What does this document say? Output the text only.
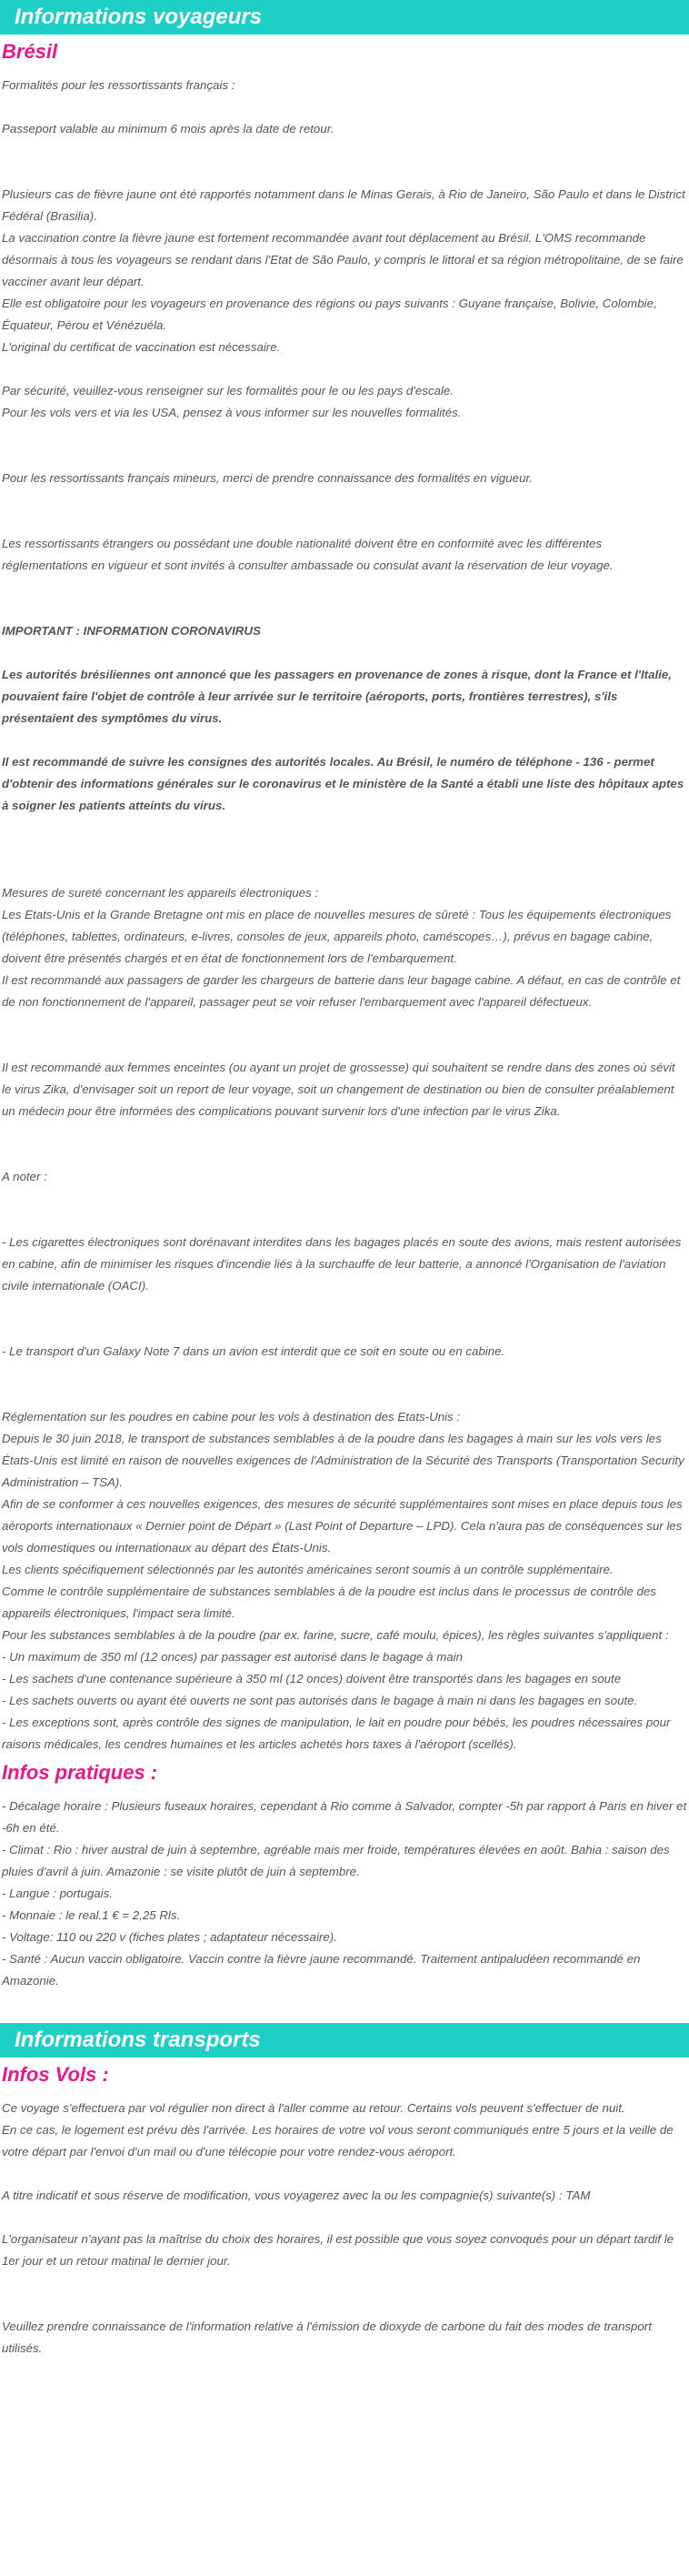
Informations voyageurs
Brésil

Formalités pour les ressortissants français :

Passeport valable au minimum 6 mois après la date de retour.

Plusieurs cas de fièvre jaune ont été rapportés notamment dans le Minas Gerais, à Rio de Janeiro, São Paulo et dans le District Fédéral (Brasilia).

La vaccination contre la fièvre jaune est fortement recommandée avant tout déplacement au Brésil. L'OMS recommande désormais à tous les voyageurs se rendant dans l'Etat de São Paulo, y compris le littoral et sa région métropolitaine, de se faire vacciner avant leur départ.

Elle est obligatoire pour les voyageurs en provenance des régions ou pays suivants : Guyane française, Bolivie, Colombie, Équateur, Pérou et Vénézuéla.

L'original du certificat de vaccination est nécessaire.

Par sécurité, veuillez-vous renseigner sur les formalités pour le ou les pays d'escale.

Pour les vols vers et via les USA, pensez à vous informer sur les nouvelles formalités.

Pour les ressortissants français mineurs, merci de prendre connaissance des formalités en vigueur.

Les ressortissants étrangers ou possédant une double nationalité doivent être en conformité avec les différentes réglementations en vigueur et sont invités à consulter ambassade ou consulat avant la réservation de leur voyage.

IMPORTANT : INFORMATION CORONAVIRUS

Les autorités brésiliennes ont annoncé que les passagers en provenance de zones à risque, dont la France et l'Italie, pouvaient faire l'objet de contrôle à leur arrivée sur le territoire (aéroports, ports, frontières terrestres), s'ils présentaient des symptômes du virus.

Il est recommandé de suivre les consignes des autorités locales. Au Brésil, le numéro de téléphone - 136 - permet d'obtenir des informations générales sur le coronavirus et le ministère de la Santé a établi une liste des hôpitaux aptes à soigner les patients atteints du virus.

Mesures de sureté concernant les appareils électroniques :

Les Etats-Unis et la Grande Bretagne ont mis en place de nouvelles mesures de sûreté : Tous les équipements électroniques (téléphones, tablettes, ordinateurs, e-livres, consoles de jeux, appareils photo, caméscopes…), prévus en bagage cabine, doivent être présentés chargés et en état de fonctionnement lors de l'embarquement.

Il est recommandé aux passagers de garder les chargeurs de batterie dans leur bagage cabine. A défaut, en cas de contrôle et de non fonctionnement de l'appareil, passager peut se voir refuser l'embarquement avec l'appareil défectueux.

Il est recommandé aux femmes enceintes (ou ayant un projet de grossesse) qui souhaitent se rendre dans des zones où sévit le virus Zika, d'envisager soit un report de leur voyage, soit un changement de destination ou bien de consulter préalablement un médecin pour être informées des complications pouvant survenir lors d'une infection par le virus Zika.

A noter :

- Les cigarettes électroniques sont dorénavant interdites dans les bagages placés en soute des avions, mais restent autorisées en cabine, afin de minimiser les risques d'incendie liés à la surchauffe de leur batterie, a annoncé l'Organisation de l'aviation civile internationale (OACI).

- Le transport d'un Galaxy Note 7 dans un avion est interdit que ce soit en soute ou en cabine.

Réglementation sur les poudres en cabine pour les vols à destination des Etats-Unis :

Depuis le 30 juin 2018, le transport de substances semblables à de la poudre dans les bagages à main sur les vols vers les États-Unis est limité en raison de nouvelles exigences de l'Administration de la Sécurité des Transports (Transportation Security Administration – TSA).

Afin de se conformer à ces nouvelles exigences, des mesures de sécurité supplémentaires sont mises en place depuis tous les aéroports internationaux « Dernier point de Départ » (Last Point of Departure – LPD). Cela n'aura pas de conséquences sur les vols domestiques ou internationaux au départ des États-Unis.

Les clients spécifiquement sélectionnés par les autorités américaines seront soumis à un contrôle supplémentaire.

Comme le contrôle supplémentaire de substances semblables à de la poudre est inclus dans le processus de contrôle des appareils électroniques, l'impact sera limité.

Pour les substances semblables à de la poudre (par ex. farine, sucre, café moulu, épices), les règles suivantes s'appliquent :

- Un maximum de 350 ml (12 onces) par passager est autorisé dans le bagage à main

- Les sachets d'une contenance supérieure à 350 ml (12 onces) doivent être transportés dans les bagages en soute

- Les sachets ouverts ou ayant été ouverts ne sont pas autorisés dans le bagage à main ni dans les bagages en soute.

- Les exceptions sont, après contrôle des signes de manipulation, le lait en poudre pour bébés, les poudres nécessaires pour raisons médicales, les cendres humaines et les articles achetés hors taxes à l'aéroport (scellés).

Infos pratiques :

- Décalage horaire : Plusieurs fuseaux horaires, cependant à Rio comme à Salvador, compter -5h par rapport à Paris en hiver et -6h en été.

- Climat : Rio : hiver austral de juin à septembre, agréable mais mer froide, températures élevées en août. Bahia : saison des pluies d'avril à juin. Amazonie : se visite plutôt de juin à septembre.

- Langue : portugais.

- Monnaie : le real.1 € = 2,25 Rls.

- Voltage: 110 ou 220 v (fiches plates ; adaptateur nécessaire).

- Santé : Aucun vaccin obligatoire. Vaccin contre la fièvre jaune recommandé. Traitement antipaludéen recommandé en Amazonie.

Informations transports
Infos Vols :

Ce voyage s'effectuera par vol régulier non direct à l'aller comme au retour. Certains vols peuvent s'effectuer de nuit.

En ce cas, le logement est prévu dès l'arrivée. Les horaires de votre vol vous seront communiqués entre 5 jours et la veille de votre départ par l'envoi d'un mail ou d'une télécopie pour votre rendez-vous aéroport.

A titre indicatif et sous réserve de modification, vous voyagerez avec la ou les compagnie(s) suivante(s) : TAM

L'organisateur n'ayant pas la maîtrise du choix des horaires, il est possible que vous soyez convoqués pour un départ tardif le 1er jour et un retour matinal le dernier jour.

Veuillez prendre connaissance de l'information relative à l'émission de dioxyde de carbone du fait des modes de transport utilisés.
